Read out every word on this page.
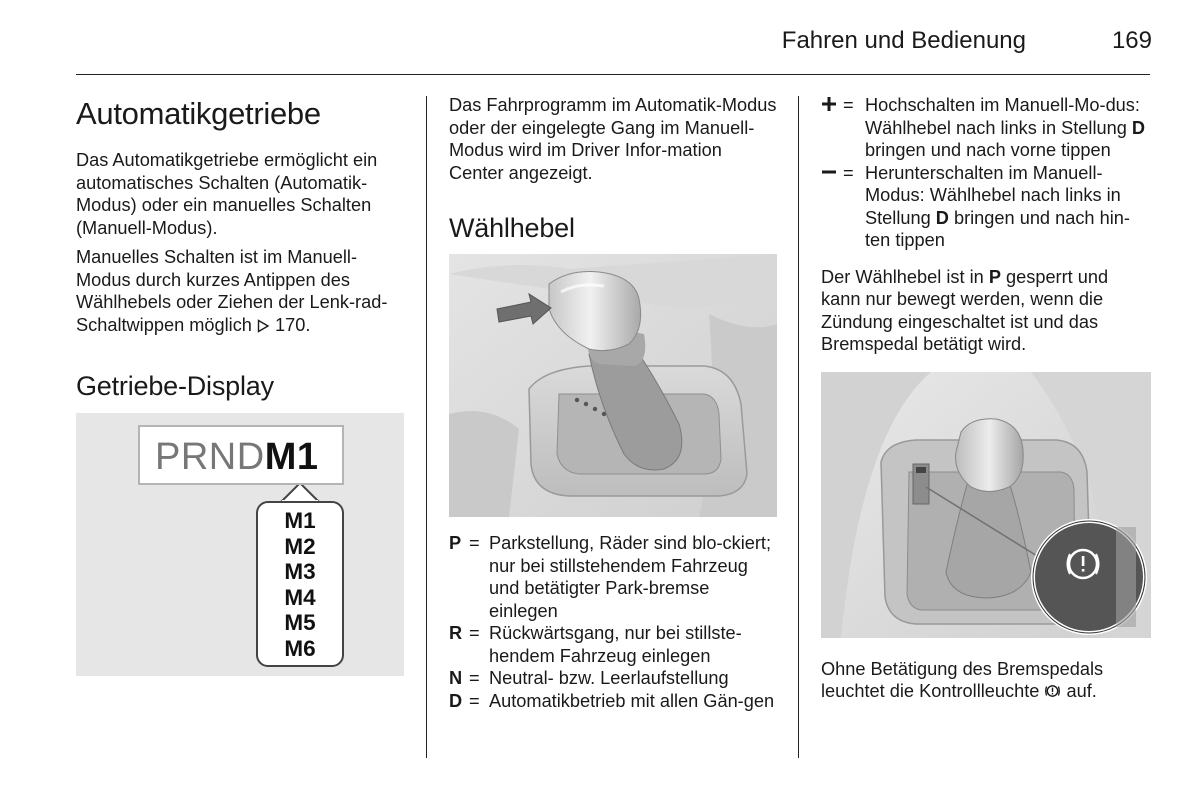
Fahren und Bedienung	169
Automatikgetriebe

Das Automatikgetriebe ermöglicht ein automatisches Schalten (Automatik-Modus) oder ein manuelles Schalten (Manuell-Modus).

Manuelles Schalten ist im Manuell-Modus durch kurzes Antippen des Wählhebels oder Ziehen der Lenk-rad-Schaltwippen möglich  170.

Getriebe-Display
PRNDM1
M1
M2
M3
M4
M5
M6

Das Fahrprogramm im Automatik-Modus oder der eingelegte Gang im Manuell-Modus wird im Driver Infor-mation Center angezeigt.

Wählhebel
P = Parkstellung, Räder sind blo-ckiert; nur bei stillstehendem Fahrzeug und betätigter Park-bremse einlegen
R = Rückwärtsgang, nur bei stillste-hendem Fahrzeug einlegen
N = Neutral- bzw. Leerlaufstellung
D = Automatikbetrieb mit allen Gän-gen
= Hochschalten im Manuell-Mo-dus: Wählhebel nach links in Stellung D bringen und nach vorne tippen
= Herunterschalten im Manuell-Modus: Wählhebel nach links in Stellung D bringen und nach hin-ten tippen

Der Wählhebel ist in P gesperrt und kann nur bewegt werden, wenn die Zündung eingeschaltet ist und das Bremspedal betätigt wird.

Ohne Betätigung des Bremspedals leuchtet die Kontrollleuchte  auf.
